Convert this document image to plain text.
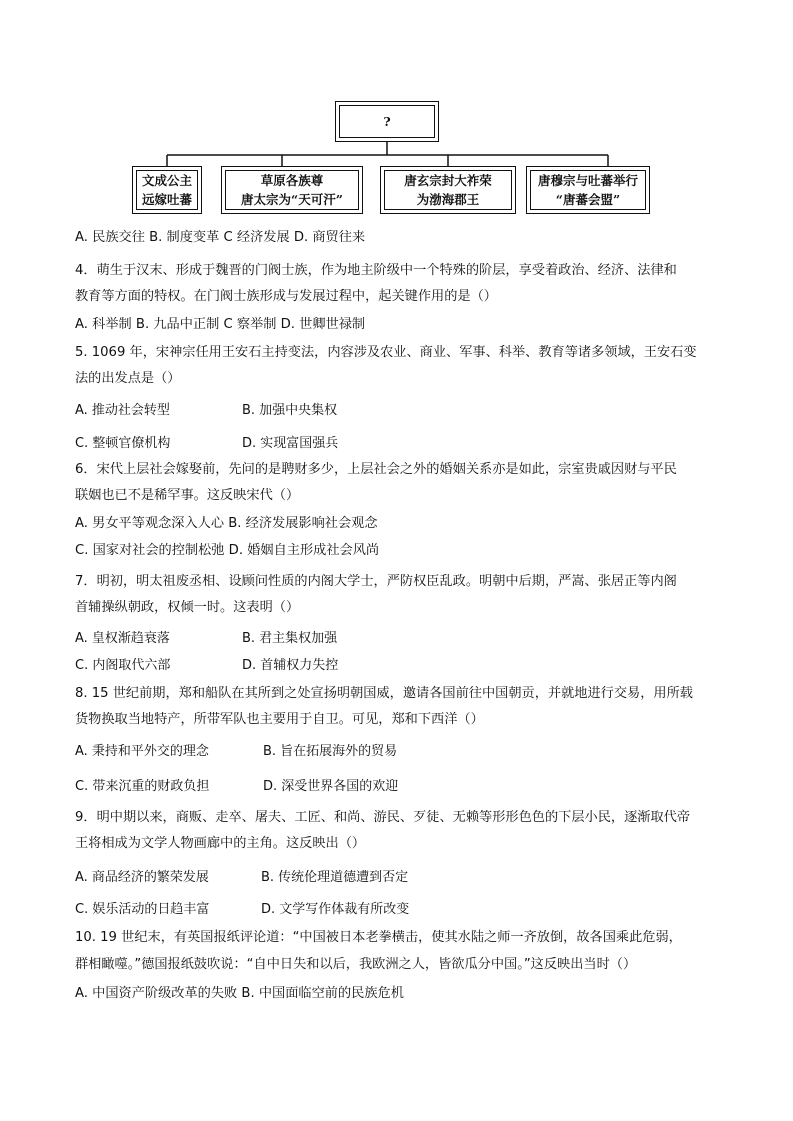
?
文成公主
远嫁吐蕃
草原各族尊
唐太宗为“天可汗”
唐玄宗封大祚荣
为渤海郡王
唐穆宗与吐蕃举行
“唐蕃会盟”
A. 民族交往 B. 制度变革 C 经济发展 D. 商贸往来
4．萌生于汉末、形成于魏晋的门阀士族，作为地主阶级中一个特殊的阶层，享受着政治、经济、法律和
教育等方面的特权。在门阀士族形成与发展过程中，起关键作用的是（）
A. 科举制 B. 九品中正制 C 察举制 D. 世卿世禄制
5. 1069 年，宋神宗任用王安石主持变法，内容涉及农业、商业、军事、科举、教育等诸多领域，王安石变
法的出发点是（）
A. 推动社会转型	B. 加强中央集权
C. 整顿官僚机构	D. 实现富国强兵
6．宋代上层社会嫁娶前，先问的是聘财多少，上层社会之外的婚姻关系亦是如此，宗室贵戚因财与平民
联姻也已不是稀罕事。这反映宋代（）
A. 男女平等观念深入人心 B. 经济发展影响社会观念
C. 国家对社会的控制松弛 D. 婚姻自主形成社会风尚
7．明初，明太祖废丞相、设顾问性质的内阁大学士，严防权臣乱政。明朝中后期，严嵩、张居正等内阁
首辅操纵朝政，权倾一时。这表明（）
A. 皇权渐趋衰落	B. 君主集权加强
C. 内阁取代六部	D. 首辅权力失控
8. 15 世纪前期，郑和船队在其所到之处宣扬明朝国威，邀请各国前往中国朝贡，并就地进行交易，用所载
货物换取当地特产，所带军队也主要用于自卫。可见，郑和下西洋（）
A. 秉持和平外交的理念	B. 旨在拓展海外的贸易
C. 带来沉重的财政负担	D. 深受世界各国的欢迎
9．明中期以来，商贩、走卒、屠夫、工匠、和尚、游民、歹徒、无赖等形形色色的下层小民，逐渐取代帝
王将相成为文学人物画廊中的主角。这反映出（）
A. 商品经济的繁荣发展	B. 传统伦理道德遭到否定
C. 娱乐活动的日趋丰富	D. 文学写作体裁有所改变
10. 19 世纪末，有英国报纸评论道：“中国被日本老拳横击，使其水陆之师一齐放倒，故各国乘此危弱，
群相瞰噬。”德国报纸鼓吹说：“自中日失和以后，我欧洲之人，皆欲瓜分中国。”这反映出当时（）
A. 中国资产阶级改革的失败 B. 中国面临空前的民族危机
